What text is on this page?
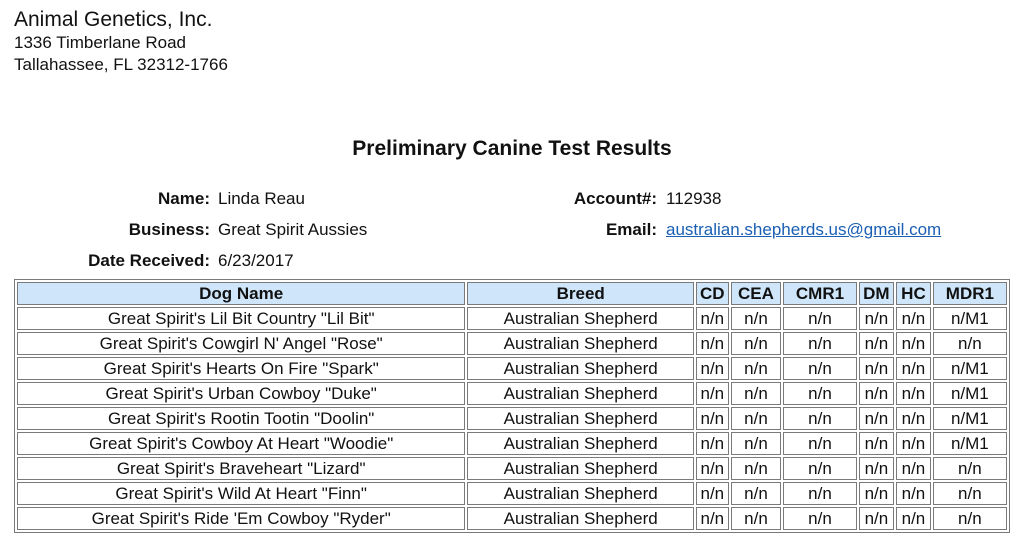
Animal Genetics, Inc.
1336 Timberlane Road
Tallahassee, FL 32312-1766
Preliminary Canine Test Results
Name: Linda Reau
Business: Great Spirit Aussies
Date Received: 6/23/2017
Account#: 112938
Email: australian.shepherds.us@gmail.com
Dog Name	Breed	CD	CEA	CMR1	DM	HC	MDR1
Great Spirit's Lil Bit Country "Lil Bit"	Australian Shepherd	n/n	n/n	n/n	n/n	n/n	n/M1
Great Spirit's Cowgirl N' Angel "Rose"	Australian Shepherd	n/n	n/n	n/n	n/n	n/n	n/n
Great Spirit's Hearts On Fire "Spark"	Australian Shepherd	n/n	n/n	n/n	n/n	n/n	n/M1
Great Spirit's Urban Cowboy "Duke"	Australian Shepherd	n/n	n/n	n/n	n/n	n/n	n/M1
Great Spirit's Rootin Tootin "Doolin"	Australian Shepherd	n/n	n/n	n/n	n/n	n/n	n/M1
Great Spirit's Cowboy At Heart "Woodie"	Australian Shepherd	n/n	n/n	n/n	n/n	n/n	n/M1
Great Spirit's Braveheart "Lizard"	Australian Shepherd	n/n	n/n	n/n	n/n	n/n	n/n
Great Spirit's Wild At Heart "Finn"	Australian Shepherd	n/n	n/n	n/n	n/n	n/n	n/n
Great Spirit's Ride 'Em Cowboy "Ryder"	Australian Shepherd	n/n	n/n	n/n	n/n	n/n	n/n
